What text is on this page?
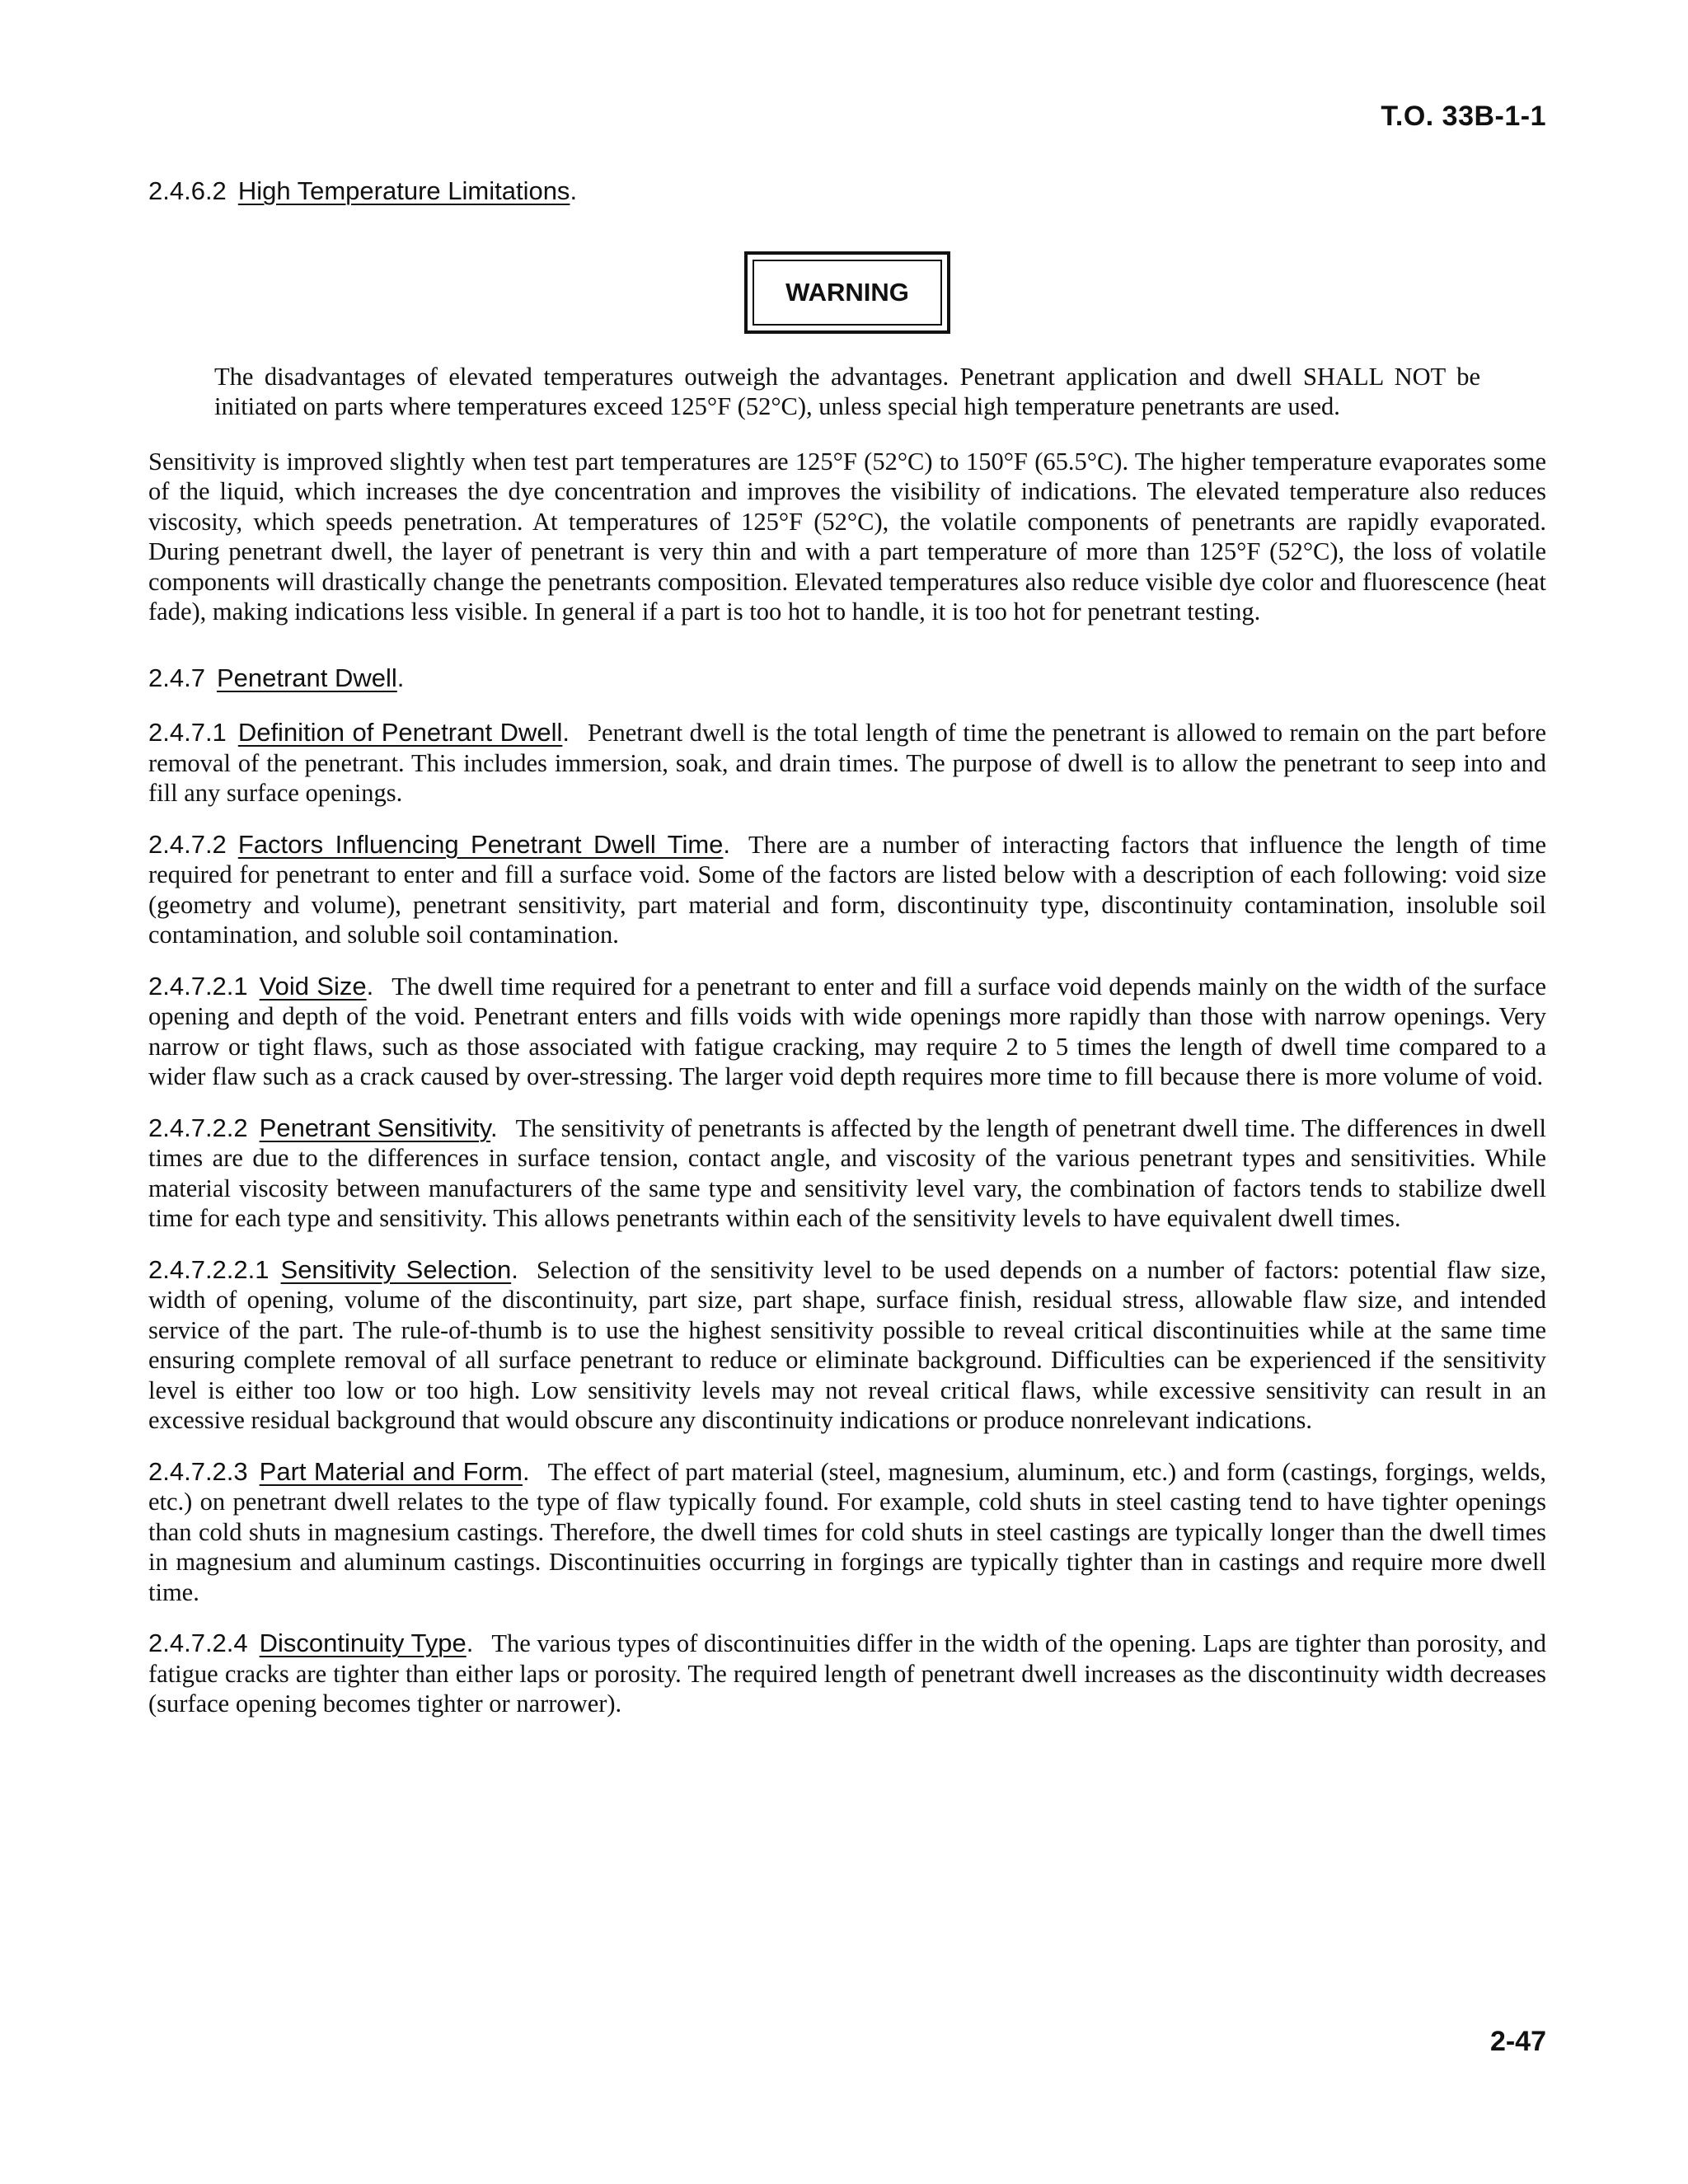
T.O. 33B-1-1

2.4.6.2 High Temperature Limitations.

WARNING

The disadvantages of elevated temperatures outweigh the advantages. Penetrant application and dwell SHALL NOT be initiated on parts where temperatures exceed 125°F (52°C), unless special high temperature penetrants are used.

Sensitivity is improved slightly when test part temperatures are 125°F (52°C) to 150°F (65.5°C). The higher temperature evaporates some of the liquid, which increases the dye concentration and improves the visibility of indications. The elevated temperature also reduces viscosity, which speeds penetration. At temperatures of 125°F (52°C), the volatile components of penetrants are rapidly evaporated. During penetrant dwell, the layer of penetrant is very thin and with a part temperature of more than 125°F (52°C), the loss of volatile components will drastically change the penetrants composition. Elevated temperatures also reduce visible dye color and fluorescence (heat fade), making indications less visible. In general if a part is too hot to handle, it is too hot for penetrant testing.

2.4.7 Penetrant Dwell.

2.4.7.1 Definition of Penetrant Dwell. Penetrant dwell is the total length of time the penetrant is allowed to remain on the part before removal of the penetrant. This includes immersion, soak, and drain times. The purpose of dwell is to allow the penetrant to seep into and fill any surface openings.

2.4.7.2 Factors Influencing Penetrant Dwell Time. There are a number of interacting factors that influence the length of time required for penetrant to enter and fill a surface void. Some of the factors are listed below with a description of each following: void size (geometry and volume), penetrant sensitivity, part material and form, discontinuity type, discontinuity contamination, insoluble soil contamination, and soluble soil contamination.

2.4.7.2.1 Void Size. The dwell time required for a penetrant to enter and fill a surface void depends mainly on the width of the surface opening and depth of the void. Penetrant enters and fills voids with wide openings more rapidly than those with narrow openings. Very narrow or tight flaws, such as those associated with fatigue cracking, may require 2 to 5 times the length of dwell time compared to a wider flaw such as a crack caused by over-stressing. The larger void depth requires more time to fill because there is more volume of void.

2.4.7.2.2 Penetrant Sensitivity. The sensitivity of penetrants is affected by the length of penetrant dwell time. The differences in dwell times are due to the differences in surface tension, contact angle, and viscosity of the various penetrant types and sensitivities. While material viscosity between manufacturers of the same type and sensitivity level vary, the combination of factors tends to stabilize dwell time for each type and sensitivity. This allows penetrants within each of the sensitivity levels to have equivalent dwell times.

2.4.7.2.2.1 Sensitivity Selection. Selection of the sensitivity level to be used depends on a number of factors: potential flaw size, width of opening, volume of the discontinuity, part size, part shape, surface finish, residual stress, allowable flaw size, and intended service of the part. The rule-of-thumb is to use the highest sensitivity possible to reveal critical discontinuities while at the same time ensuring complete removal of all surface penetrant to reduce or eliminate background. Difficulties can be experienced if the sensitivity level is either too low or too high. Low sensitivity levels may not reveal critical flaws, while excessive sensitivity can result in an excessive residual background that would obscure any discontinuity indications or produce nonrelevant indications.

2.4.7.2.3 Part Material and Form. The effect of part material (steel, magnesium, aluminum, etc.) and form (castings, forgings, welds, etc.) on penetrant dwell relates to the type of flaw typically found. For example, cold shuts in steel casting tend to have tighter openings than cold shuts in magnesium castings. Therefore, the dwell times for cold shuts in steel castings are typically longer than the dwell times in magnesium and aluminum castings. Discontinuities occurring in forgings are typically tighter than in castings and require more dwell time.

2.4.7.2.4 Discontinuity Type. The various types of discontinuities differ in the width of the opening. Laps are tighter than porosity, and fatigue cracks are tighter than either laps or porosity. The required length of penetrant dwell increases as the discontinuity width decreases (surface opening becomes tighter or narrower).

2-47
